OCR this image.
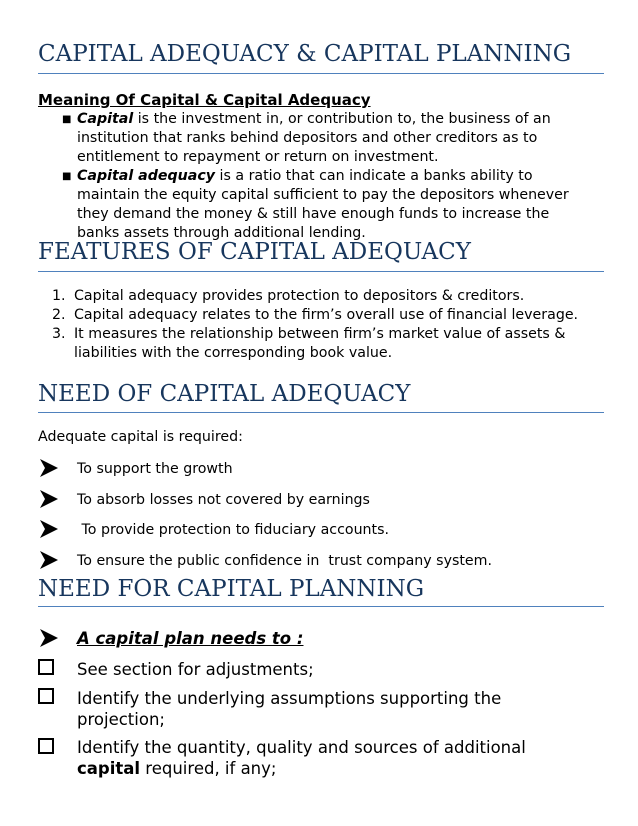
CAPITAL ADEQUACY & CAPITAL PLANNING
Meaning Of Capital & Capital Adequacy
■ Capital is the investment in, or contribution to, the business of an
institution that ranks behind depositors and other creditors as to
entitlement to repayment or return on investment.
■ Capital adequacy is a ratio that can indicate a banks ability to
maintain the equity capital sufficient to pay the depositors whenever
they demand the money & still have enough funds to increase the
banks assets through additional lending.
FEATURES OF CAPITAL ADEQUACY
1. Capital adequacy provides protection to depositors & creditors.
2. Capital adequacy relates to the firm’s overall use of financial leverage.
3. It measures the relationship between firm’s market value of assets &
liabilities with the corresponding book value.
NEED OF CAPITAL ADEQUACY
Adequate capital is required:
To support the growth
To absorb losses not covered by earnings
To provide protection to fiduciary accounts.
To ensure the public confidence in  trust company system.
NEED FOR CAPITAL PLANNING
A capital plan needs to :
See section for adjustments;
Identify the underlying assumptions supporting the
projection;
Identify the quantity, quality and sources of additional
capital required, if any;
